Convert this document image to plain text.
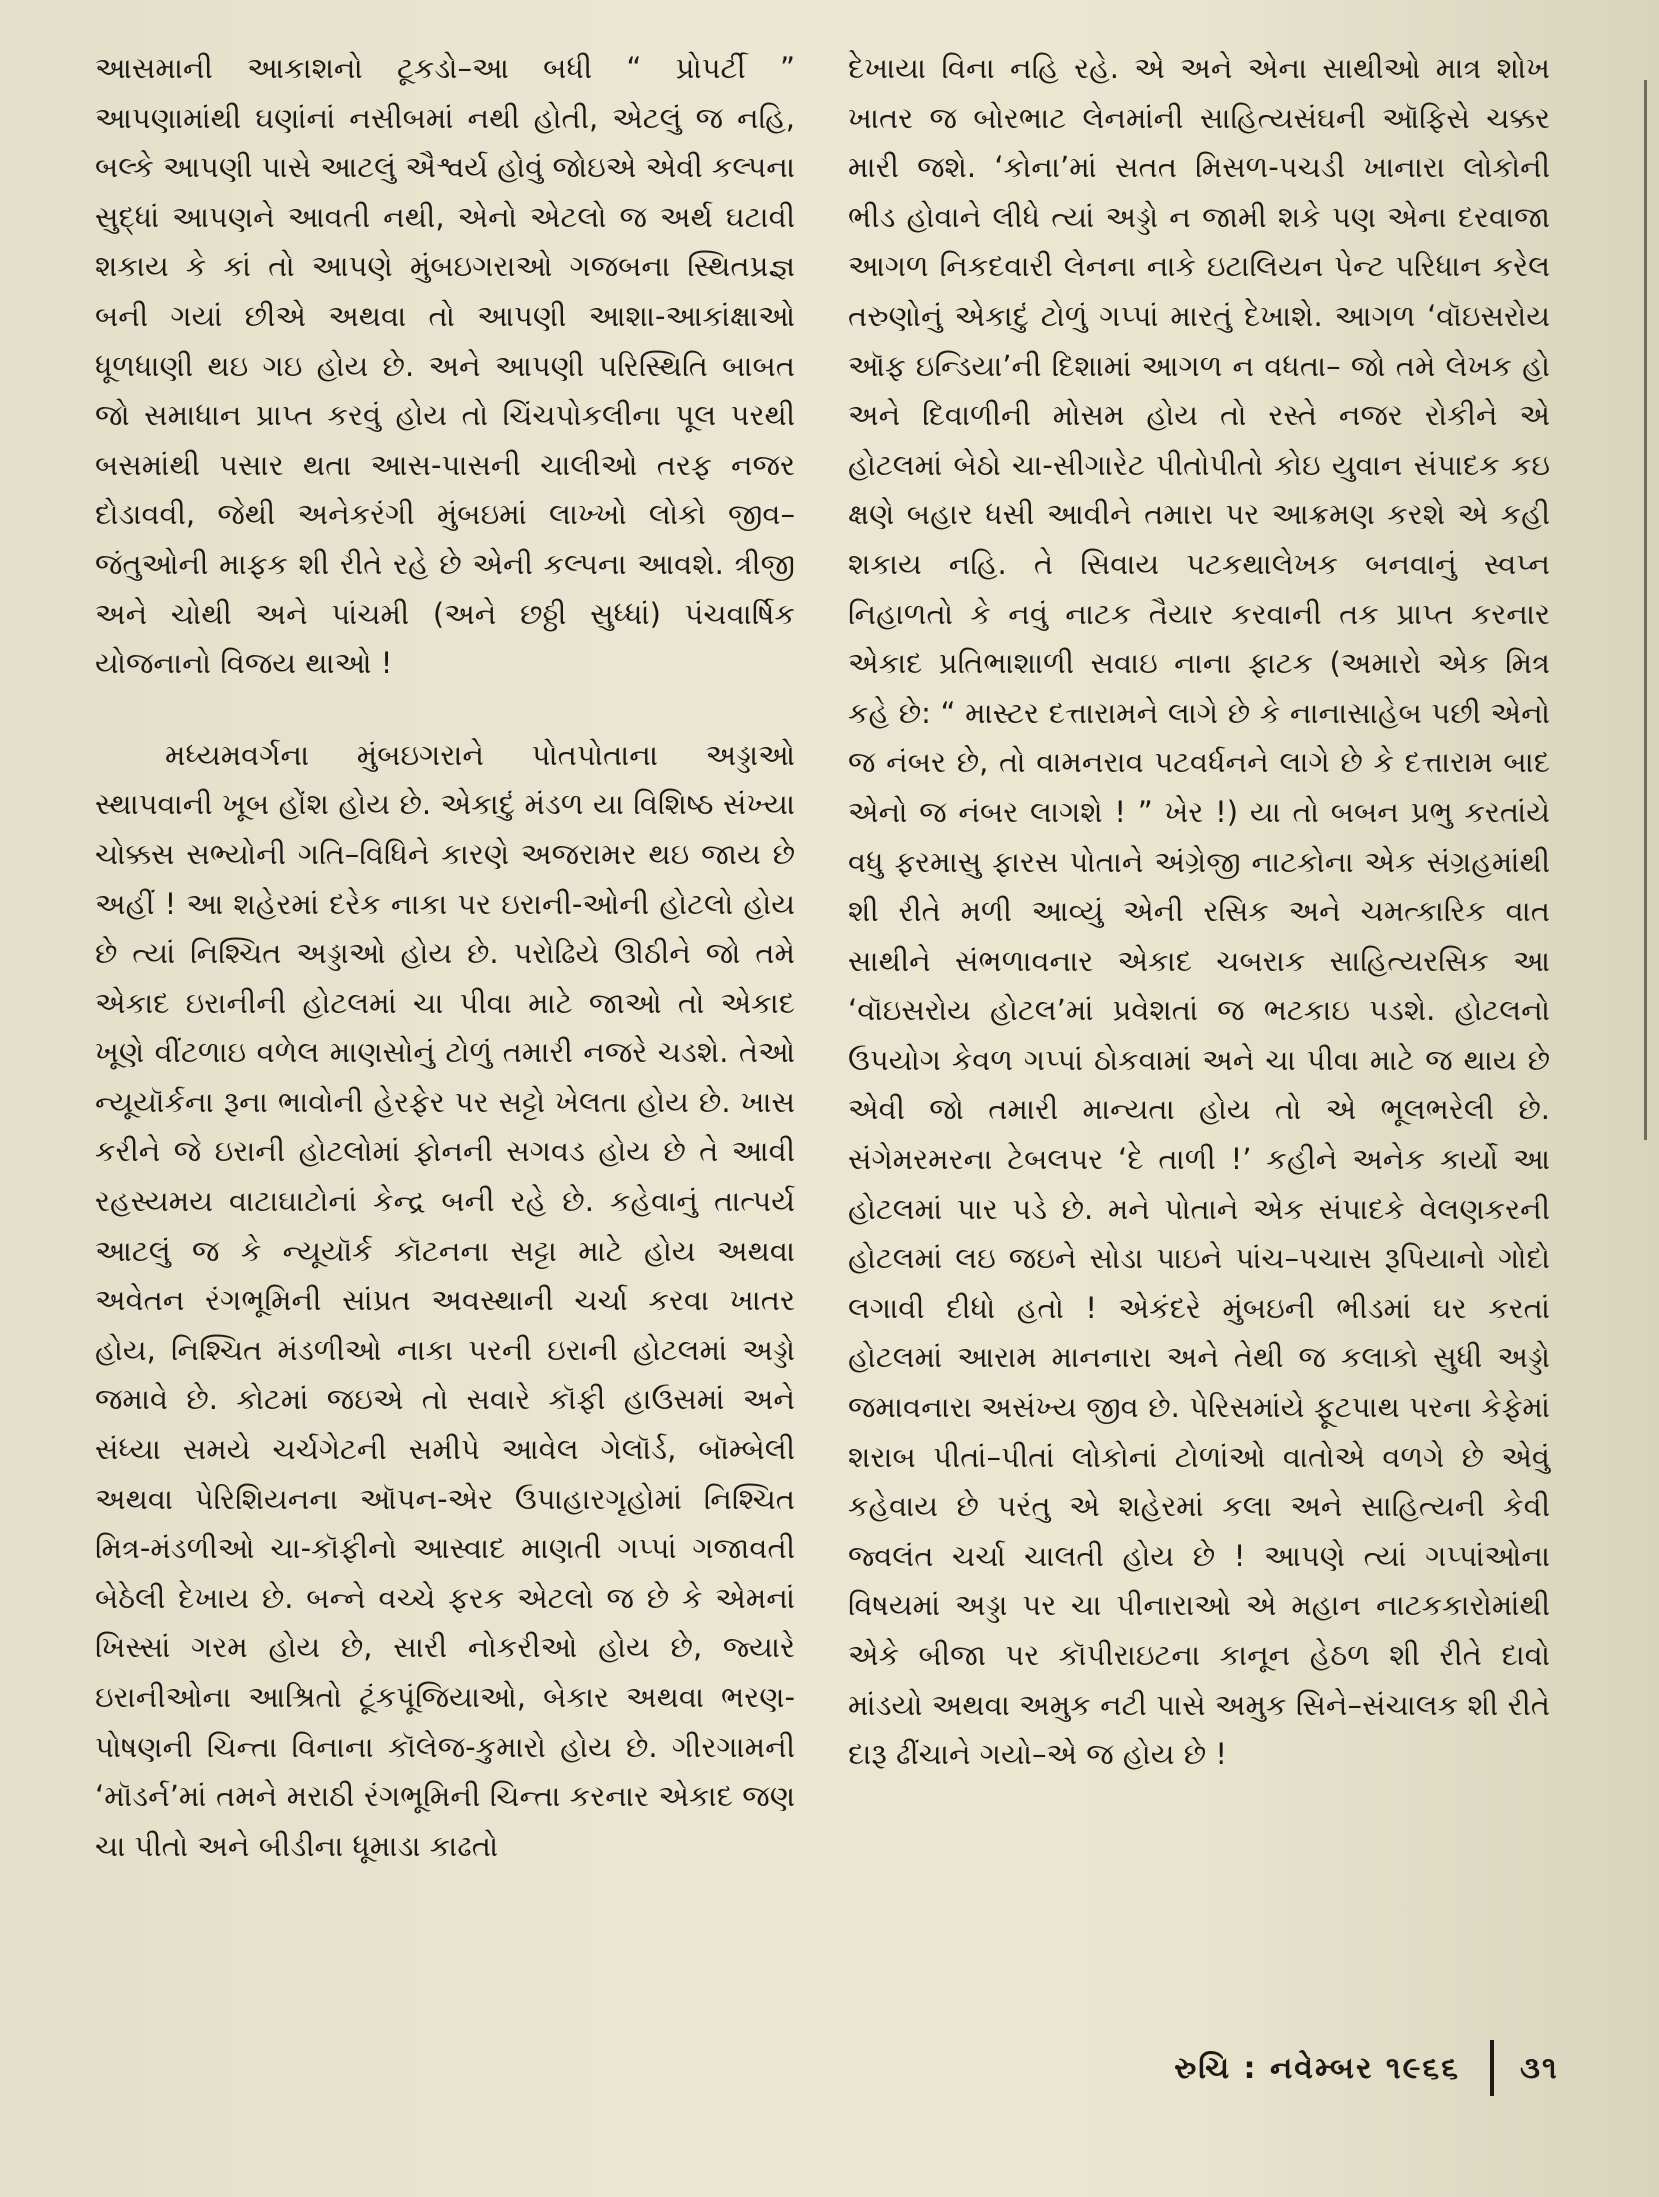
આસમાની આકાશનો ટૂકડો–આ બધી “ પ્રોપર્ટી ” આપણામાંથી ઘણાંનાં નસીબમાં નથી હોતી, એટલું જ નહિ, બલ્કે આપણી પાસે આટલું ઐશ્વર્ય હોવું જોઇએ એવી કલ્પના સુદ્ધાં આપણને આવતી નથી, એનો એટલો જ અર્થ ઘટાવી શકાય કે કાં તો આપણે મુંબઇગરાઓ ગજબના સ્થિતપ્રજ્ઞ બની ગયાં છીએ અથવા તો આપણી આશા-આકાંક્ષાઓ ધૂળધાણી થઇ ગઇ હોય છે. અને આપણી પરિસ્થિતિ બાબત જો સમાધાન પ્રાપ્ત કરવું હોય તો ચિંચપોકલીના પૂલ પરથી બસમાંથી પસાર થતા આસ-પાસની ચાલીઓ તરફ નજર દોડાવવી, જેથી અનેકરંગી મુંબઇમાં લાખ્ખો લોકો જીવ–જંતુઓની માફક શી રીતે રહે છે એની કલ્પના આવશે. ત્રીજી અને ચોથી અને પાંચમી (અને છઠ્ઠી સુધ્ધાં) પંચવાર્ષિક યોજનાનો વિજય થાઓ !

મધ્યમવર્ગના મુંબઇગરાને પોતપોતાના અડ્ડાઓ સ્થાપવાની ખૂબ હોંશ હોય છે. એકાદું મંડળ યા વિશિષ્ઠ સંખ્યા ચોક્કસ સભ્યોની ગતિ–વિધિને કારણે અજરામર થઇ જાય છે અહીં ! આ શહેરમાં દરેક નાકા પર ઇરાની-ઓની હોટલો હોય છે ત્યાં નિશ્ચિત અડ્ડાઓ હોય છે. પરોઢિયે ઊઠીને જો તમે એકાદ ઇરાનીની હોટલમાં ચા પીવા માટે જાઓ તો એકાદ ખૂણે વીંટળાઇ વળેલ માણસોનું ટોળું તમારી નજરે ચડશે. તેઓ ન્યૂયૉર્કના રૂના ભાવોની હેરફેર પર સટ્ટો ખેલતા હોય છે. ખાસ કરીને જે ઇરાની હોટલોમાં ફોનની સગવડ હોય છે તે આવી રહસ્યમય વાટાઘાટોનાં કેન્દ્ર બની રહે છે. કહેવાનું તાત્પર્ય આટલું જ કે ન્યૂયૉર્ક કૉટનના સટ્ટા માટે હોય અથવા અવેતન રંગભૂમિની સાંપ્રત અવસ્થાની ચર્ચા કરવા ખાતર હોય, નિશ્ચિત મંડળીઓ નાકા પરની ઇરાની હોટલમાં અડ્ડો જમાવે છે. કોટમાં જઇએ તો સવારે કૉફી હાઉસમાં અને સંધ્યા સમયે ચર્ચગેટની સમીપે આવેલ ગેલૉર્ડ, બૉમ્બેલી અથવા પેરિશિયનના ઑપન-એર ઉપાહારગૃહોમાં નિશ્ચિત મિત્ર-મંડળીઓ ચા-કૉફીનો આસ્વાદ માણતી ગપ્પાં ગજાવતી બેઠેલી દેખાય છે. બન્ને વચ્ચે ફરક એટલો જ છે કે એમનાં ખિસ્સાં ગરમ હોય છે, સારી નોકરીઓ હોય છે, જ્યારે ઇરાનીઓના આશ્રિતો ટૂંકપૂંજિયાઓ, બેકાર અથવા ભરણ-પોષણની ચિન્તા વિનાના કૉલેજ-કુમારો હોય છે. ગીરગામની ‘મૉડર્ન’માં તમને મરાઠી રંગભૂમિની ચિન્તા કરનાર એકાદ જણ ચા પીતો અને બીડીના ધૂમાડા કાઢતો

દેખાયા વિના નહિ રહે. એ અને એના સાથીઓ માત્ર શોખ ખાતર જ બોરભાટ લેનમાંની સાહિત્યસંઘની ઑફિસે ચક્કર મારી જશે. ‘કોના’માં સતત મિસળ-પચડી ખાનારા લોકોની ભીડ હોવાને લીધે ત્યાં અડ્ડો ન જામી શકે પણ એના દરવાજા આગળ નિકદવારી લેનના નાકે ઇટાલિયન પેન્ટ પરિધાન કરેલ તરુણોનું એકાદું ટોળું ગપ્પાં મારતું દેખાશે. આગળ ‘વૉઇસરોય ઑફ ઇન્ડિયા’ની દિશામાં આગળ ન વધતા– જો તમે લેખક હો અને દિવાળીની મોસમ હોય તો રસ્તે નજર રોકીને એ હોટલમાં બેઠો ચા-સીગારેટ પીતોપીતો કોઇ યુવાન સંપાદક કઇ ક્ષણે બહાર ધસી આવીને તમારા પર આક્રમણ કરશે એ કહી શકાય નહિ. તે સિવાય પટકથાલેખક બનવાનું સ્વપ્ન નિહાળતો કે નવું નાટક તૈયાર કરવાની તક પ્રાપ્ત કરનાર એકાદ પ્રતિભાશાળી સવાઇ નાના ફાટક (અમારો એક મિત્ર કહે છે: “ માસ્ટર દત્તારામને લાગે છે કે નાનાસાહેબ પછી એનો જ નંબર છે, તો વામનરાવ પટવર્ધનને લાગે છે કે દત્તારામ બાદ એનો જ નંબર લાગશે ! ” ખેર !) યા તો બબન પ્રભુ કરતાંયે વધુ ફરમાસુ ફારસ પોતાને અંગ્રેજી નાટકોના એક સંગ્રહમાંથી શી રીતે મળી આવ્યું એની રસિક અને ચમત્કારિક વાત સાથીને સંભળાવનાર એકાદ ચબરાક સાહિત્યરસિક આ ‘વૉઇસરોય હોટલ’માં પ્રવેશતાં જ ભટકાઇ પડશે. હોટલનો ઉપયોગ કેવળ ગપ્પાં ઠોકવામાં અને ચા પીવા માટે જ થાય છે એવી જો તમારી માન્યતા હોય તો એ ભૂલભરેલી છે. સંગેમરમરના ટેબલપર ‘દે તાળી !’ કહીને અનેક કાર્યો આ હોટલમાં પાર પડે છે. મને પોતાને એક સંપાદકે વેલણકરની હોટલમાં લઇ જઇને સોડા પાઇને પાંચ–પચાસ રૂપિયાનો ગોદો લગાવી દીધો હતો ! એકંદરે મુંબઇની ભીડમાં ઘર કરતાં હોટલમાં આરામ માનનારા અને તેથી જ કલાકો સુધી અડ્ડો જમાવનારા અસંખ્ય જીવ છે. પેરિસમાંયે ફૂટપાથ પરના કેફેમાં શરાબ પીતાં–પીતાં લોકોનાં ટોળાંઓ વાતોએ વળગે છે એવું કહેવાય છે પરંતુ એ શહેરમાં કલા અને સાહિત્યની કેવી જ્વલંત ચર્ચા ચાલતી હોય છે ! આપણે ત્યાં ગપ્પાંઓના વિષયમાં અડ્ડા પર ચા પીનારાઓ એ મહાન નાટકકારોમાંથી એકે બીજા પર કૉપીરાઇટના કાનૂન હેઠળ શી રીતે દાવો માંડયો અથવા અમુક નટી પાસે અમુક સિને–સંચાલક શી રીતે દારૂ ઢીંચાને ગયો–એ જ હોય છે !

રુચિ : નવેમ્બર ૧૯૬૬ ૩૧
